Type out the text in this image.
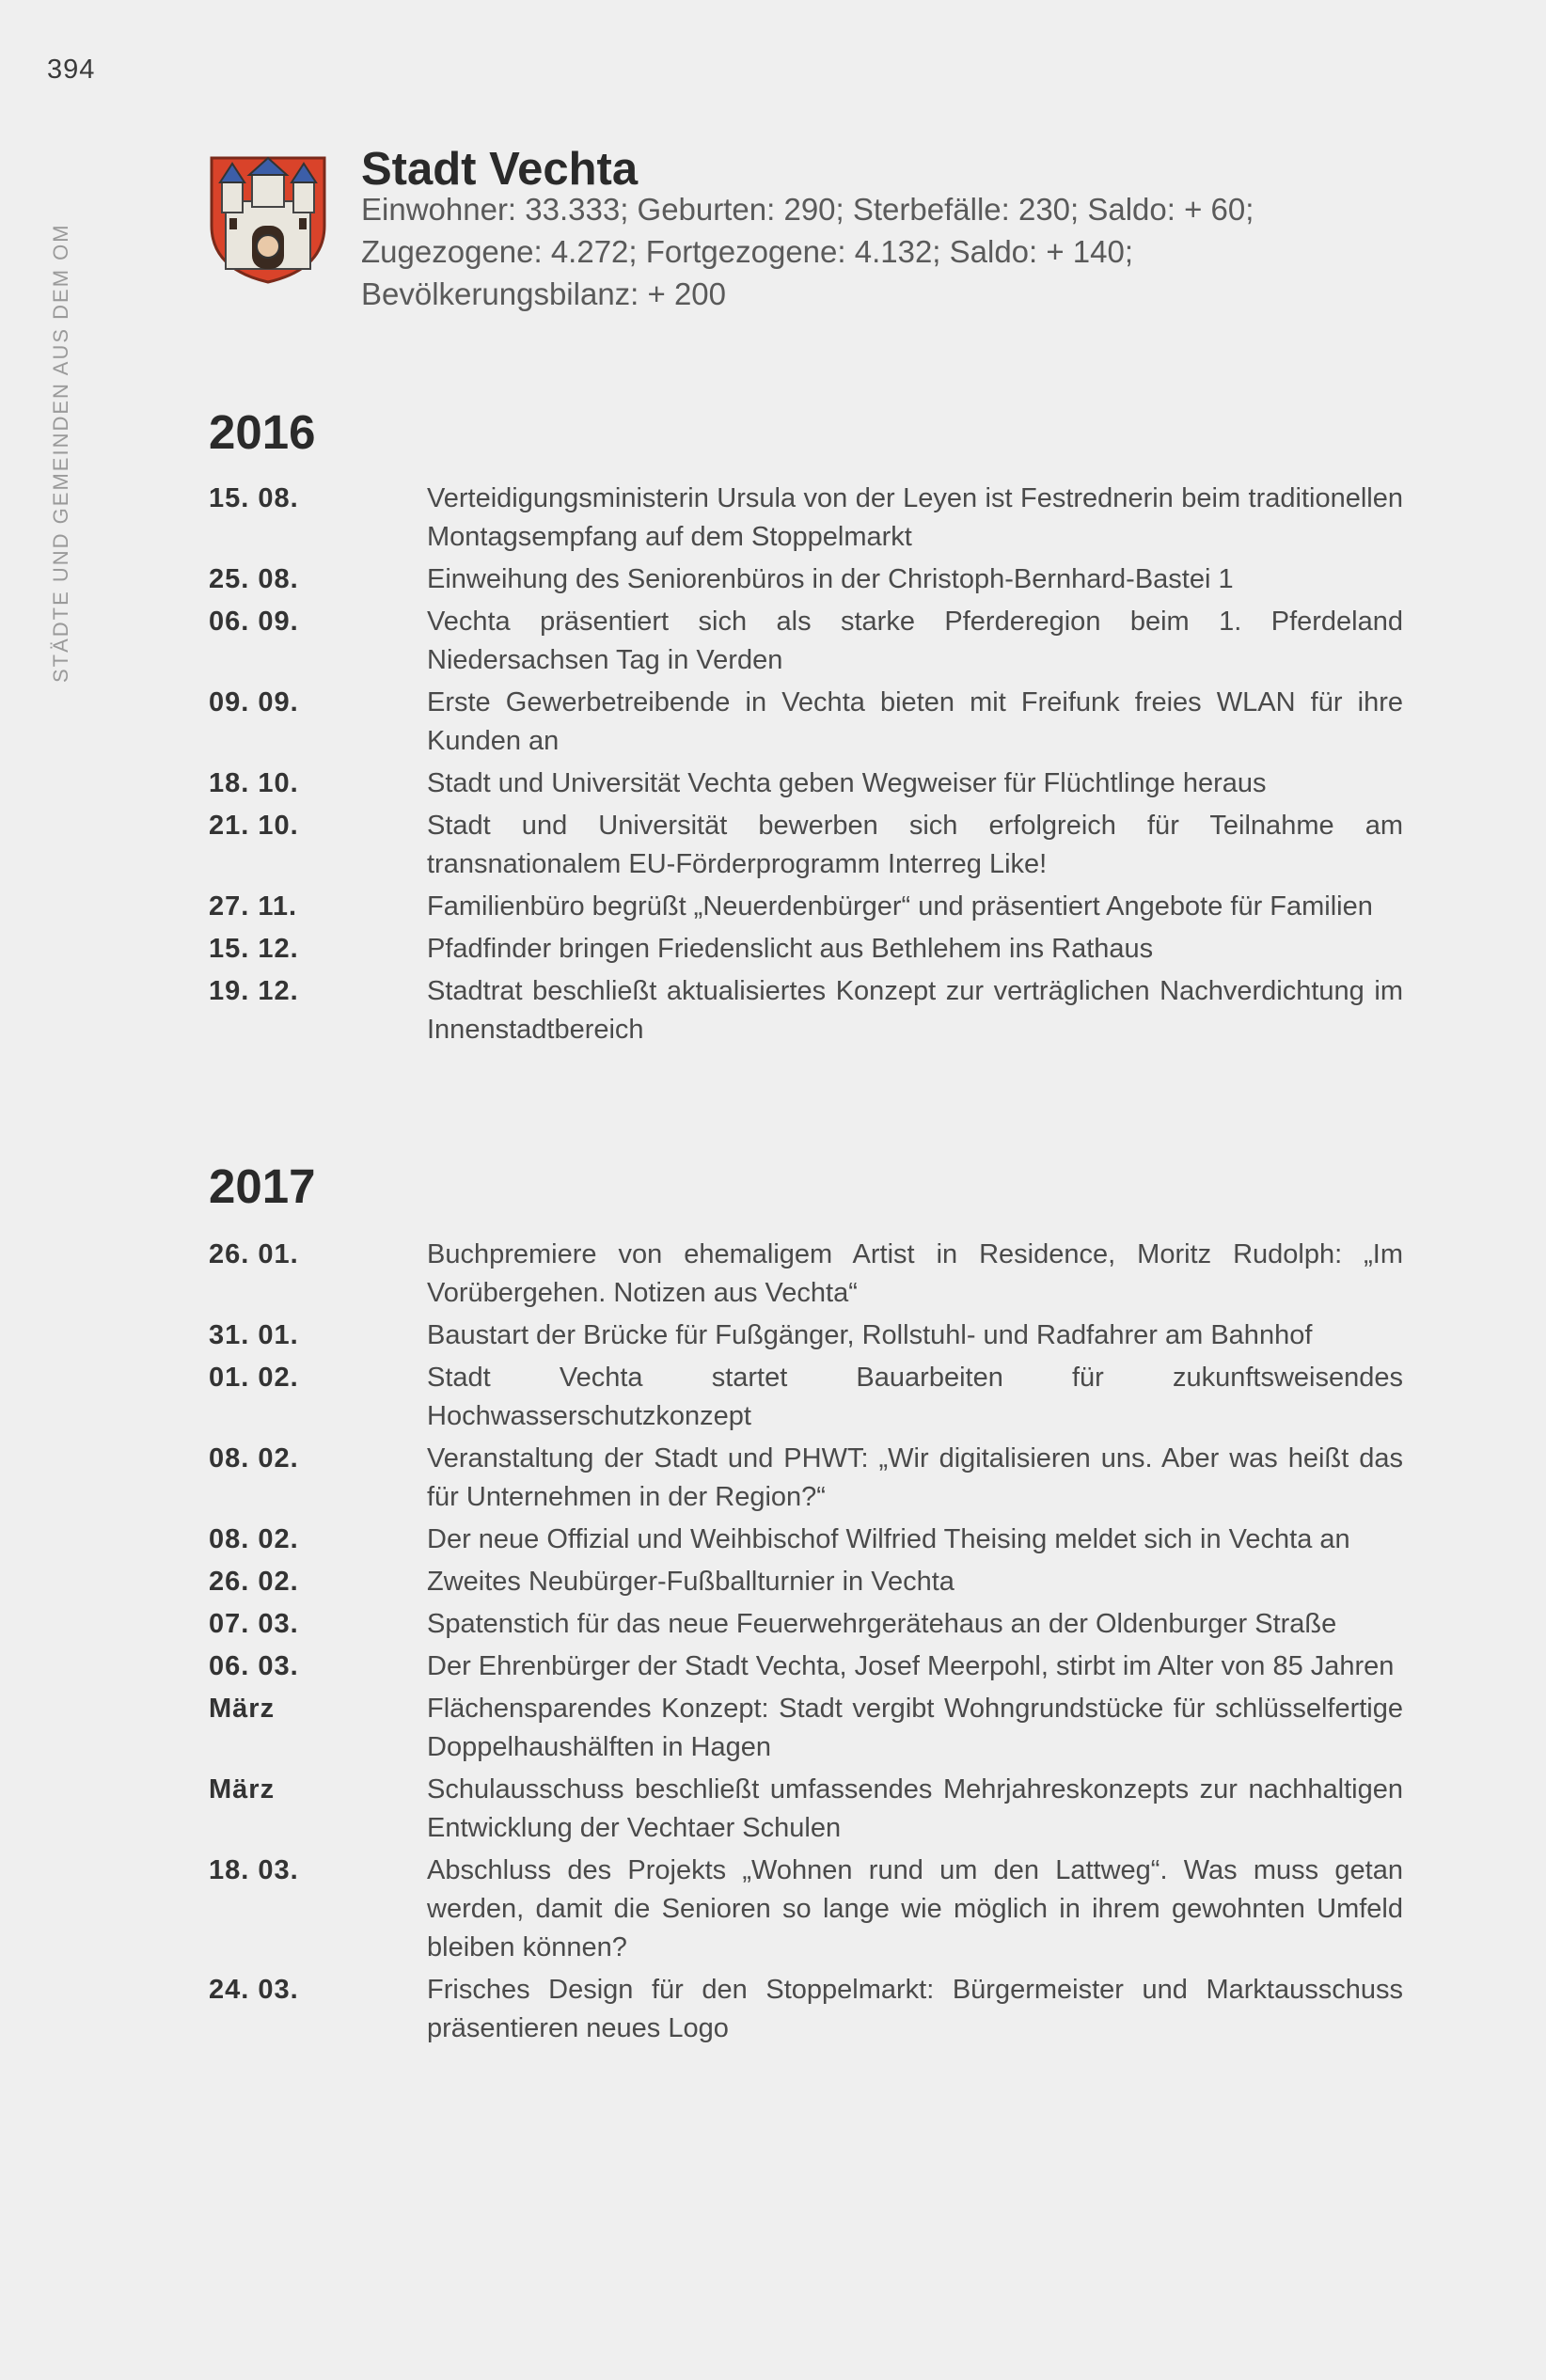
394
STÄDTE UND GEMEINDEN AUS DEM OM
Stadt Vechta
Einwohner: 33.333; Geburten: 290; Sterbefälle: 230; Saldo: + 60;
Zugezogene: 4.272; Fortgezogene: 4.132; Saldo: + 140;
Bevölkerungsbilanz: + 200
2016
15. 08.	Verteidigungsministerin Ursula von der Leyen ist Festrednerin beim traditionellen Montagsempfang auf dem Stoppelmarkt
25. 08.	Einweihung des Seniorenbüros in der Christoph-Bernhard-Bastei 1
06. 09.	Vechta präsentiert sich als starke Pferderegion beim 1. Pferdeland Niedersachsen Tag in Verden
09. 09.	Erste Gewerbetreibende in Vechta bieten mit Freifunk freies WLAN für ihre Kunden an
18. 10.	Stadt und Universität Vechta geben Wegweiser für Flüchtlinge heraus
21. 10.	Stadt und Universität bewerben sich erfolgreich für Teilnahme am transnationalem EU-Förderprogramm Interreg Like!
27. 11.	Familienbüro begrüßt „Neuerdenbürger“ und präsentiert Angebote für Familien
15. 12.	Pfadfinder bringen Friedenslicht aus Bethlehem ins Rathaus
19. 12.	Stadtrat beschließt aktualisiertes Konzept zur verträglichen Nachverdichtung im Innenstadtbereich
2017
26. 01.	Buchpremiere von ehemaligem Artist in Residence, Moritz Rudolph: „Im Vorübergehen. Notizen aus Vechta“
31. 01.	Baustart der Brücke für Fußgänger, Rollstuhl- und Radfahrer am Bahnhof
01. 02.	Stadt Vechta startet Bauarbeiten für zukunftsweisendes Hochwasserschutzkonzept
08. 02.	Veranstaltung der Stadt und PHWT: „Wir digitalisieren uns. Aber was heißt das für Unternehmen in der Region?“
08. 02.	Der neue Offizial und Weihbischof Wilfried Theising meldet sich in Vechta an
26. 02.	Zweites Neubürger-Fußballturnier in Vechta
07. 03.	Spatenstich für das neue Feuerwehrgerätehaus an der Oldenburger Straße
06. 03.	Der Ehrenbürger der Stadt Vechta, Josef Meerpohl, stirbt im Alter von 85 Jahren
März	Flächensparendes Konzept: Stadt vergibt Wohngrundstücke für schlüsselfertige Doppelhaushälften in Hagen
März	Schulausschuss beschließt umfassendes Mehrjahreskonzepts zur nachhaltigen Entwicklung der Vechtaer Schulen
18. 03.	Abschluss des Projekts „Wohnen rund um den Lattweg“. Was muss getan werden, damit die Senioren so lange wie möglich in ihrem gewohnten Umfeld bleiben können?
24. 03.	Frisches Design für den Stoppelmarkt: Bürgermeister und Marktausschuss präsentieren neues Logo
